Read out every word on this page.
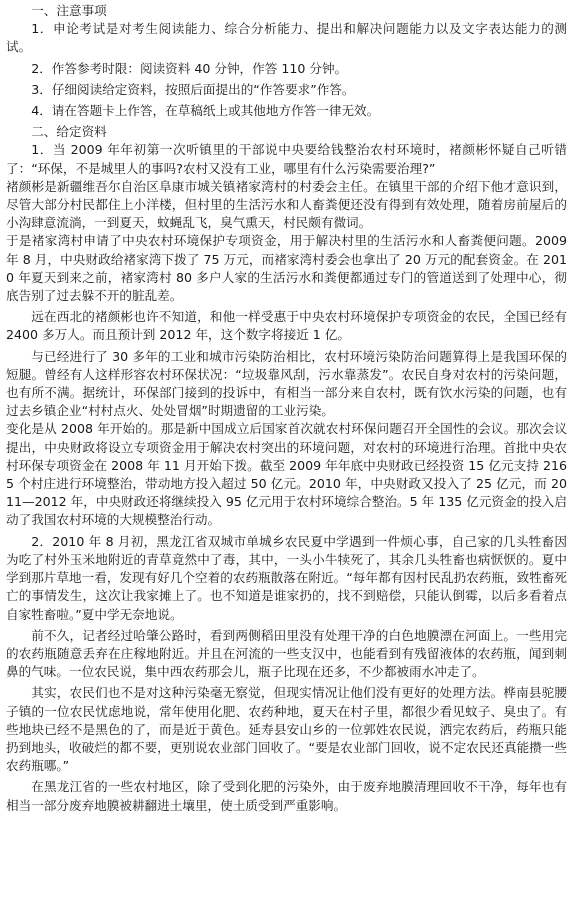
一、注意事项

1．申论考试是对考生阅读能力、综合分析能力、提出和解决问题能力以及文字表达能力的测试。

2．作答参考时限：阅读资料 40 分钟，作答 110 分钟。

3．仔细阅读给定资料，按照后面提出的“作答要求”作答。

4．请在答题卡上作答，在草稿纸上或其他地方作答一律无效。

二、给定资料

1．当 2009 年年初第一次听镇里的干部说中央要给钱整治农村环境时，褚颜彬怀疑自己听错了：“环保，不是城里人的事吗?农村又没有工业，哪里有什么污染需要治理?”

褚颜彬是新疆维吾尔自治区阜康市城关镇褚家湾村的村委会主任。在镇里干部的介绍下他才意识到，尽管大部分村民都住上小洋楼，但村里的生活污水和人畜粪便还没有得到有效处理，随着房前屋后的小沟肆意流淌，一到夏天，蚊蝇乱飞，臭气熏天，村民颇有微词。

于是褚家湾村申请了中央农村环境保护专项资金，用于解决村里的生活污水和人畜粪便问题。2009 年 8 月，中央财政给褚家湾下拨了 75 万元，而褚家湾村委会也拿出了 20 万元的配套资金。在 2010 年夏天到来之前，褚家湾村 80 多户人家的生活污水和粪便都通过专门的管道送到了处理中心，彻底告别了过去躲不开的脏乱差。

远在西北的褚颜彬也许不知道，和他一样受惠于中央农村环境保护专项资金的农民，全国已经有 2400 多万人。而且预计到 2012 年，这个数字将接近 1 亿。

与已经进行了 30 多年的工业和城市污染防治相比，农村环境污染防治问题算得上是我国环保的短腿。曾经有人这样形容农村环保状况：“垃圾靠风刮，污水靠蒸发”。农民自身对农村的污染问题，也有所不满。据统计，环保部门接到的投诉中，有相当一部分来自农村，既有饮水污染的问题，也有过去乡镇企业“村村点火、处处冒烟”时期遗留的工业污染。

变化是从 2008 年开始的。那是新中国成立后国家首次就农村环保问题召开全国性的会议。那次会议提出，中央财政将设立专项资金用于解决农村突出的环境问题，对农村的环境进行治理。首批中央农村环保专项资金在 2008 年 11 月开始下拨。截至 2009 年年底中央财政已经投资 15 亿元支持 2165 个村庄进行环境整治，带动地方投入超过 50 亿元。2010 年，中央财政又投入了 25 亿元，而 2011—2012 年，中央财政还将继续投入 95 亿元用于农村环境综合整治。5 年 135 亿元资金的投入启动了我国农村环境的大规模整治行动。

2．2010 年 8 月初，黑龙江省双城市单城乡农民夏中学遇到一件烦心事，自己家的几头牲畜因为吃了村外玉米地附近的青草竟然中了毒，其中，一头小牛犊死了，其余几头牲畜也病恹恹的。夏中学到那片草地一看，发现有好几个空着的农药瓶散落在附近。“每年都有因村民乱扔农药瓶，致牲畜死亡的事情发生，这次让我家摊上了。也不知道是谁家扔的，找不到赔偿，只能认倒霉，以后多看着点自家牲畜啦。”夏中学无奈地说。

前不久，记者经过哈肇公路时，看到两侧稻田里没有处理干净的白色地膜漂在河面上。一些用完的农药瓶随意丢弃在庄稼地附近。并且在河流的一些支汉中，也能看到有残留液体的农药瓶，闻到刺鼻的气味。一位农民说，集中西农药那会儿，瓶子比现在还多，不少都被雨水冲走了。

其实，农民们也不是对这种污染毫无察觉，但现实情况让他们没有更好的处理方法。桦南县驼腰子镇的一位农民忧虑地说，常年使用化肥、农药种地，夏天在村子里，都很少看见蚊子、臭虫了。有些地块已经不是黑色的了，而是近于黄色。延寿县安山乡的一位郭姓农民说，洒完农药后，药瓶只能扔到地头，收破烂的都不要，更别说农业部门回收了。“要是农业部门回收，说不定农民还真能攒一些农药瓶哪。”

在黑龙江省的一些农村地区，除了受到化肥的污染外，由于废弃地膜清理回收不干净，每年也有相当一部分废弃地膜被耕翻进土壤里，使土质受到严重影响。
